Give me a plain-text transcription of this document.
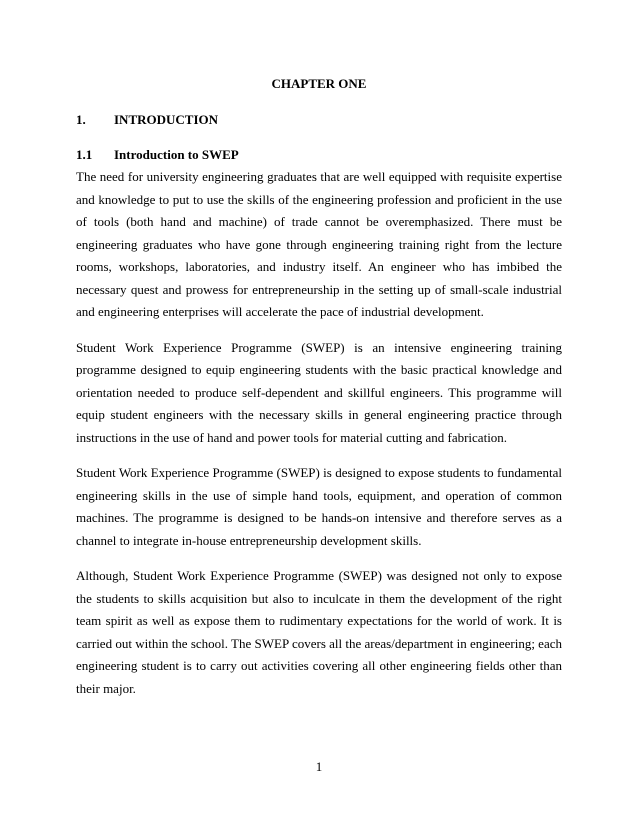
CHAPTER ONE
1. INTRODUCTION
1.1 Introduction to SWEP

The need for university engineering graduates that are well equipped with requisite expertise and knowledge to put to use the skills of the engineering profession and proficient in the use of tools (both hand and machine) of trade cannot be overemphasized. There must be engineering graduates who have gone through engineering training right from the lecture rooms, workshops, laboratories, and industry itself. An engineer who has imbibed the necessary quest and prowess for entrepreneurship in the setting up of small-scale industrial and engineering enterprises will accelerate the pace of industrial development.

Student Work Experience Programme (SWEP) is an intensive engineering training programme designed to equip engineering students with the basic practical knowledge and orientation needed to produce self-dependent and skillful engineers. This programme will equip student engineers with the necessary skills in general engineering practice through instructions in the use of hand and power tools for material cutting and fabrication.

Student Work Experience Programme (SWEP) is designed to expose students to fundamental engineering skills in the use of simple hand tools, equipment, and operation of common machines. The programme is designed to be hands-on intensive and therefore serves as a channel to integrate in-house entrepreneurship development skills.

Although, Student Work Experience Programme (SWEP) was designed not only to expose the students to skills acquisition but also to inculcate in them the development of the right team spirit as well as expose them to rudimentary expectations for the world of work. It is carried out within the school. The SWEP covers all the areas/department in engineering; each engineering student is to carry out activities covering all other engineering fields other than their major.

1
